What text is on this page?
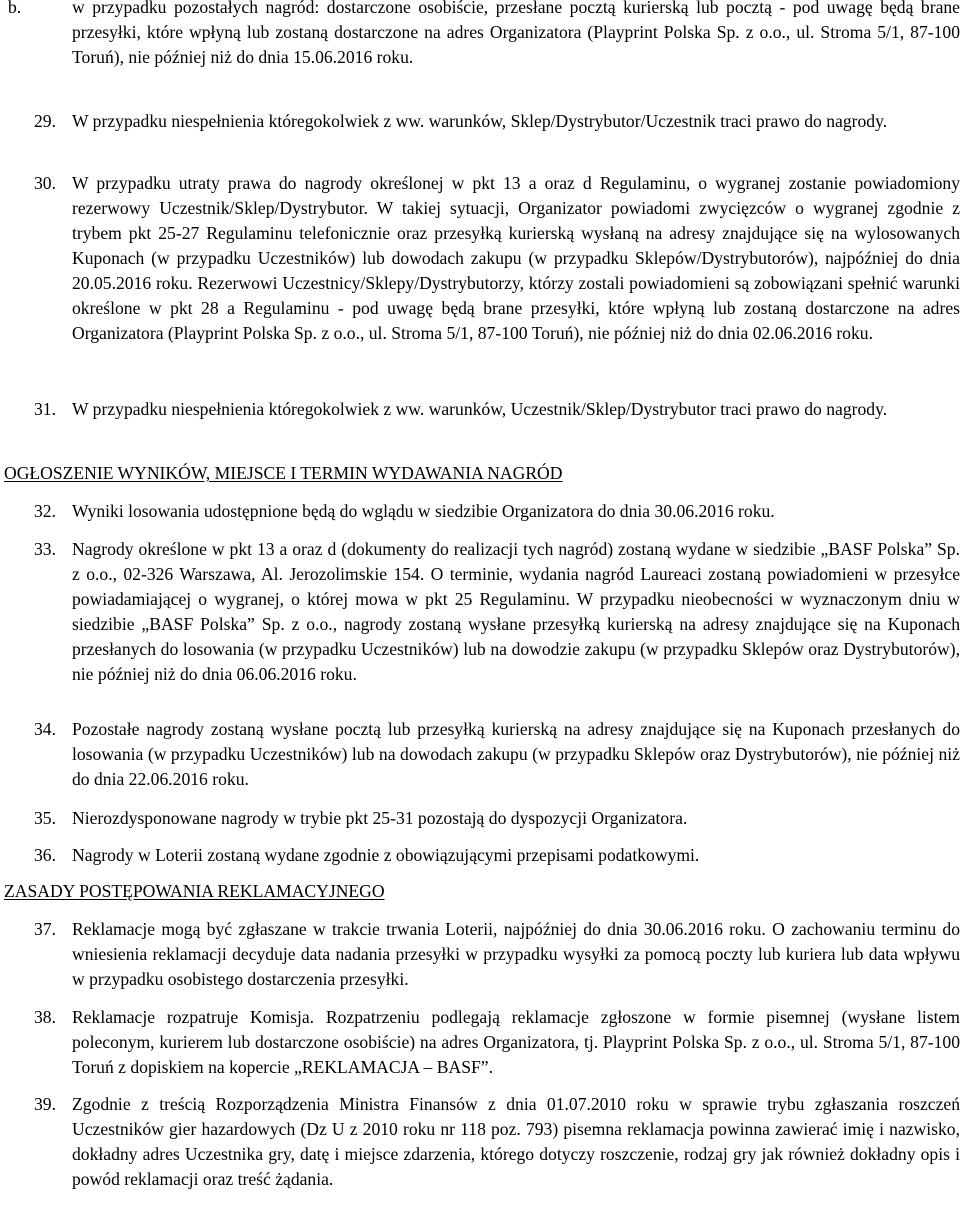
b.	w przypadku pozostałych nagród: dostarczone osobiście, przesłane pocztą kurierską lub pocztą - pod uwagę będą brane przesyłki, które wpłyną lub zostaną dostarczone na adres Organizatora (Playprint Polska Sp. z o.o., ul. Stroma 5/1, 87-100 Toruń), nie później niż do dnia 15.06.2016 roku.

29. W przypadku niespełnienia któregokolwiek z ww. warunków, Sklep/Dystrybutor/Uczestnik traci prawo do nagrody.

30. W przypadku utraty prawa do nagrody określonej w pkt 13 a oraz d Regulaminu, o wygranej zostanie powiadomiony rezerwowy Uczestnik/Sklep/Dystrybutor. W takiej sytuacji, Organizator powiadomi zwycięzców o wygranej zgodnie z trybem pkt 25-27 Regulaminu telefonicznie oraz przesyłką kurierską wysłaną na adresy znajdujące się na wylosowanych Kuponach (w przypadku Uczestników) lub dowodach zakupu (w przypadku Sklepów/Dystrybutorów), najpóźniej do dnia 20.05.2016 roku. Rezerwowi Uczestnicy/Sklepy/Dystrybutorzy, którzy zostali powiadomieni są zobowiązani spełnić warunki określone w pkt 28 a Regulaminu - pod uwagę będą brane przesyłki, które wpłyną lub zostaną dostarczone na adres Organizatora (Playprint Polska Sp. z o.o., ul. Stroma 5/1, 87-100 Toruń), nie później niż do dnia 02.06.2016 roku.

31. W przypadku niespełnienia któregokolwiek z ww. warunków, Uczestnik/Sklep/Dystrybutor traci prawo do nagrody.

OGŁOSZENIE WYNIKÓW, MIEJSCE I TERMIN WYDAWANIA NAGRÓD

32. Wyniki losowania udostępnione będą do wglądu w siedzibie Organizatora do dnia 30.06.2016 roku.

33. Nagrody określone w pkt 13 a oraz d (dokumenty do realizacji tych nagród) zostaną wydane w siedzibie „BASF Polska” Sp. z o.o., 02-326 Warszawa, Al. Jerozolimskie 154. O terminie, wydania nagród Laureaci zostaną powiadomieni w przesyłce powiadamiającej o wygranej, o której mowa w pkt 25 Regulaminu. W przypadku nieobecności w wyznaczonym dniu w siedzibie „BASF Polska” Sp. z o.o., nagrody zostaną wysłane przesyłką kurierską na adresy znajdujące się na Kuponach przesłanych do losowania (w przypadku Uczestników) lub na dowodzie zakupu (w przypadku Sklepów oraz Dystrybutorów), nie później niż do dnia 06.06.2016 roku.

34. Pozostałe nagrody zostaną wysłane pocztą lub przesyłką kurierską na adresy znajdujące się na Kuponach przesłanych do losowania (w przypadku Uczestników) lub na dowodach zakupu (w przypadku Sklepów oraz Dystrybutorów), nie później niż do dnia 22.06.2016 roku.

35. Nierozdysponowane nagrody w trybie pkt 25-31 pozostają do dyspozycji Organizatora.

36. Nagrody w Loterii zostaną wydane zgodnie z obowiązującymi przepisami podatkowymi.

ZASADY POSTĘPOWANIA REKLAMACYJNEGO

37. Reklamacje mogą być zgłaszane w trakcie trwania Loterii, najpóźniej do dnia 30.06.2016 roku. O zachowaniu terminu do wniesienia reklamacji decyduje data nadania przesyłki w przypadku wysyłki za pomocą poczty lub kuriera lub data wpływu w przypadku osobistego dostarczenia przesyłki.

38. Reklamacje rozpatruje Komisja. Rozpatrzeniu podlegają reklamacje zgłoszone w formie pisemnej (wysłane listem poleconym, kurierem lub dostarczone osobiście) na adres Organizatora, tj. Playprint Polska Sp. z o.o., ul. Stroma 5/1, 87-100 Toruń z dopiskiem na kopercie „REKLAMACJA – BASF”.

39. Zgodnie z treścią Rozporządzenia Ministra Finansów z dnia 01.07.2010 roku w sprawie trybu zgłaszania roszczeń Uczestników gier hazardowych (Dz U z 2010 roku nr 118 poz. 793) pisemna reklamacja powinna zawierać imię i nazwisko, dokładny adres Uczestnika gry, datę i miejsce zdarzenia, którego dotyczy roszczenie, rodzaj gry jak również dokładny opis i powód reklamacji oraz treść żądania.
